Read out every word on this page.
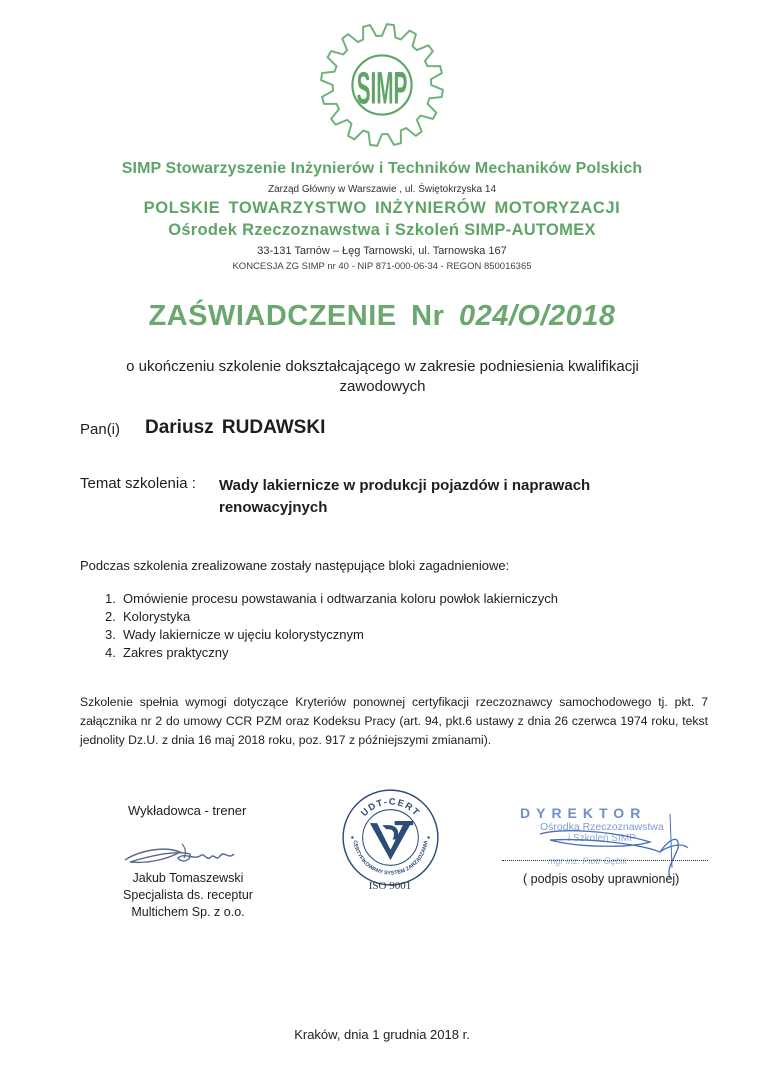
SIMP
SIMP Stowarzyszenie Inżynierów i Techników Mechaników Polskich
Zarząd Główny w Warszawie , ul. Świętokrzyska 14
POLSKIE TOWARZYSTWO INŻYNIERÓW MOTORYZACJI
Ośrodek Rzeczoznawstwa i Szkoleń SIMP-AUTOMEX
33-131 Tarnów – Łęg Tarnowski, ul. Tarnowska 167
KONCESJA ZG SIMP nr 40 - NIP 871-000-06-34 - REGON 850016365
ZAŚWIADCZENIE Nr 024/O/2018
o ukończeniu szkolenie dokształcającego w zakresie podniesienia kwalifikacji zawodowych
Pan(i) Dariusz RUDAWSKI
Temat szkolenia : Wady lakiernicze w produkcji pojazdów i naprawach renowacyjnych
Podczas szkolenia zrealizowane zostały następujące bloki zagadnieniowe:
1. Omówienie procesu powstawania i odtwarzania koloru powłok lakierniczych
2. Kolorystyka
3. Wady lakiernicze w ujęciu kolorystycznym
4. Zakres praktyczny
Szkolenie spełnia wymogi dotyczące Kryteriów ponownej certyfikacji rzeczoznawcy samochodowego tj. pkt. 7 załącznika nr 2 do umowy CCR PZM oraz Kodeksu Pracy (art. 94, pkt.6 ustawy z dnia 26 czerwca 1974 roku, tekst jednolity Dz.U. z dnia 16 maj 2018 roku, poz. 917 z późniejszymi zmianami).
Wykładowca - trener
Jakub Tomaszewski
Specjalista ds. receptur
Multichem Sp. z o.o.
UDT-CERT
CERTYFIKOWANY SYSTEM ZARZĄDZANIA
ISO 9001
DYREKTOR
Ośrodka Rzeczoznawstwa
i Szkoleń SIMP
mgr inż. Piotr Gębik
( podpis osoby uprawnionej)
Kraków, dnia 1 grudnia 2018 r.
